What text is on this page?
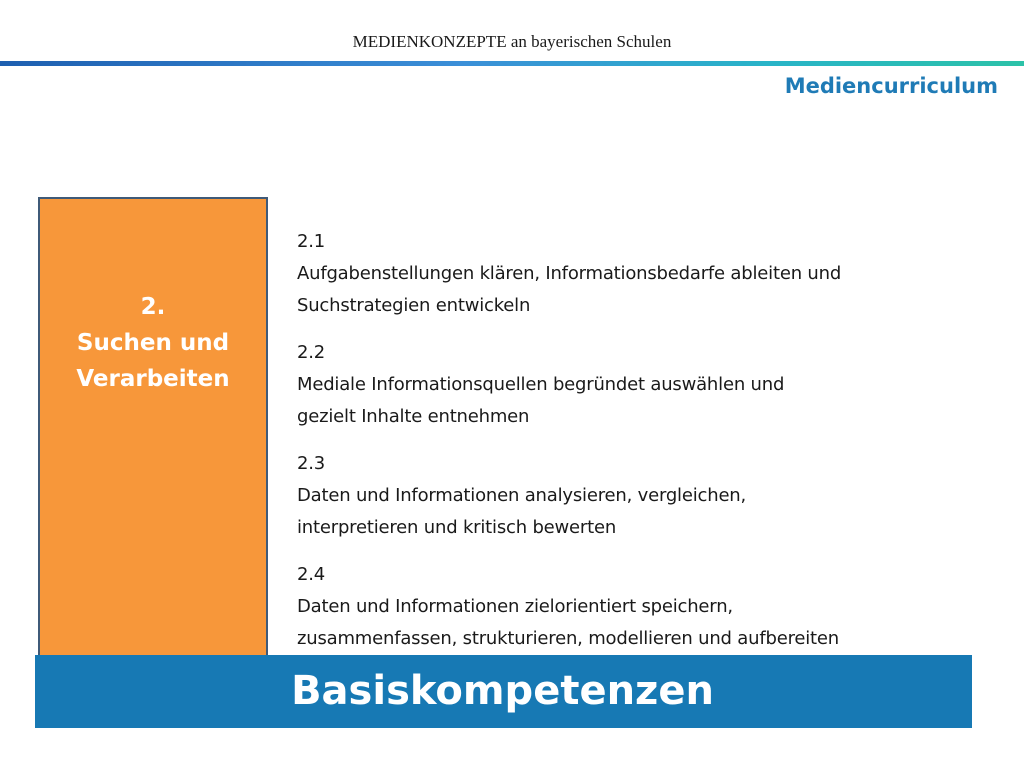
MEDIENKONZEPTE an bayerischen Schulen
Mediencurriculum
2.
Suchen und
Verarbeiten
2.1
Aufgabenstellungen klären, Informationsbedarfe ableiten und
Suchstrategien entwickeln
2.2
Mediale Informationsquellen begründet auswählen und
gezielt Inhalte entnehmen
2.3
Daten und Informationen analysieren, vergleichen,
interpretieren und kritisch bewerten
2.4
Daten und Informationen zielorientiert speichern,
zusammenfassen, strukturieren, modellieren und aufbereiten
Basiskompetenzen
